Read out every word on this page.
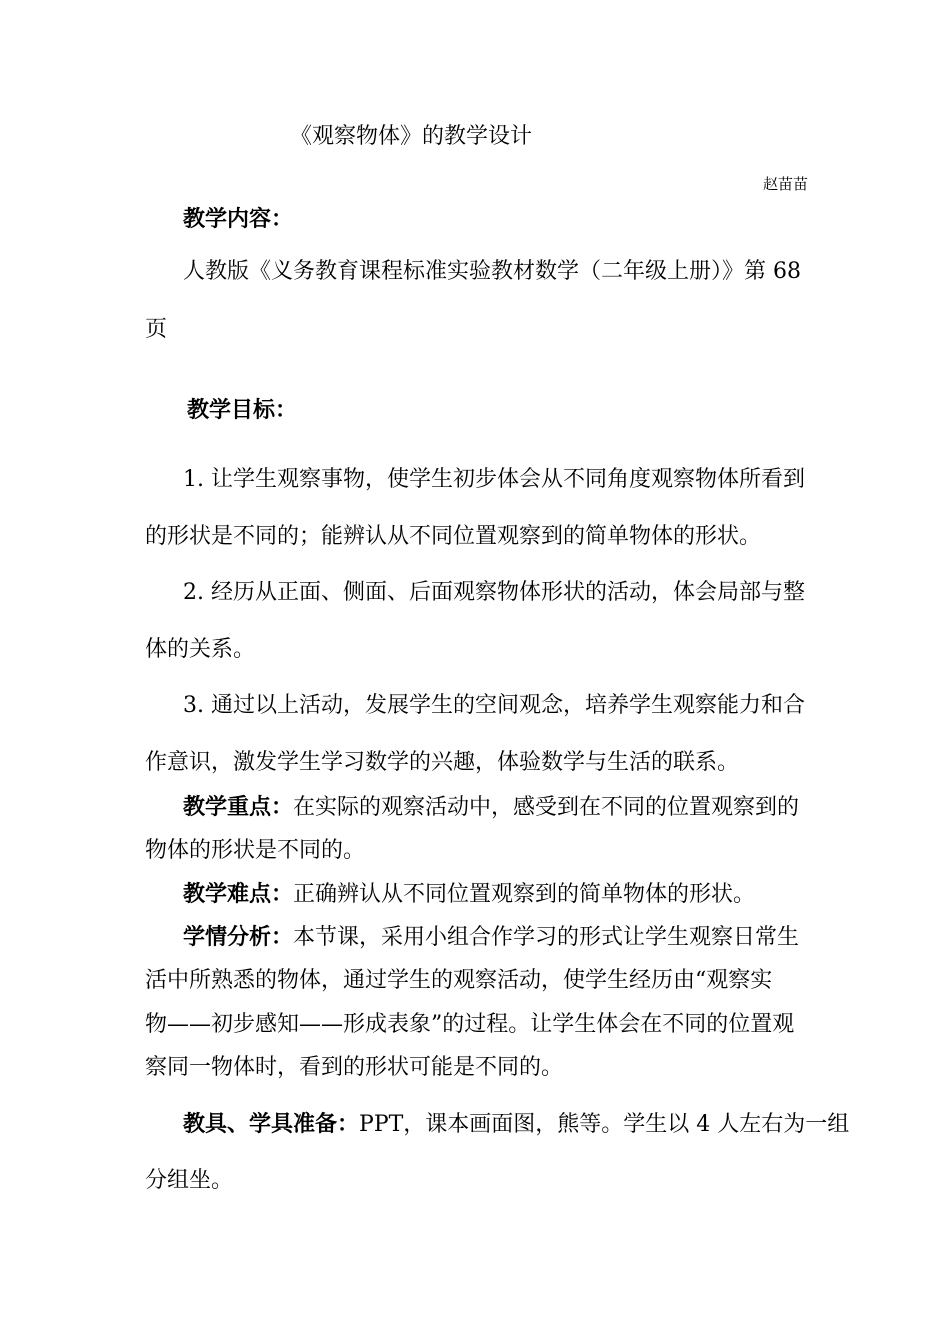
《观察物体》的教学设计
赵苗苗
教学内容：
人教版《义务教育课程标准实验教材数学（二年级上册）》第 68
页
教学目标：
1. 让学生观察事物，使学生初步体会从不同角度观察物体所看到
的形状是不同的；能辨认从不同位置观察到的简单物体的形状。
2. 经历从正面、侧面、后面观察物体形状的活动，体会局部与整
体的关系。
3. 通过以上活动，发展学生的空间观念，培养学生观察能力和合
作意识，激发学生学习数学的兴趣，体验数学与生活的联系。
教学重点：在实际的观察活动中，感受到在不同的位置观察到的
物体的形状是不同的。
教学难点：正确辨认从不同位置观察到的简单物体的形状。
学情分析：本节课，采用小组合作学习的形式让学生观察日常生
活中所熟悉的物体，通过学生的观察活动，使学生经历由“观察实
物——初步感知——形成表象”的过程。让学生体会在不同的位置观
察同一物体时，看到的形状可能是不同的。
教具、学具准备：PPT，课本画面图，熊等。学生以 4 人左右为一组
分组坐。
